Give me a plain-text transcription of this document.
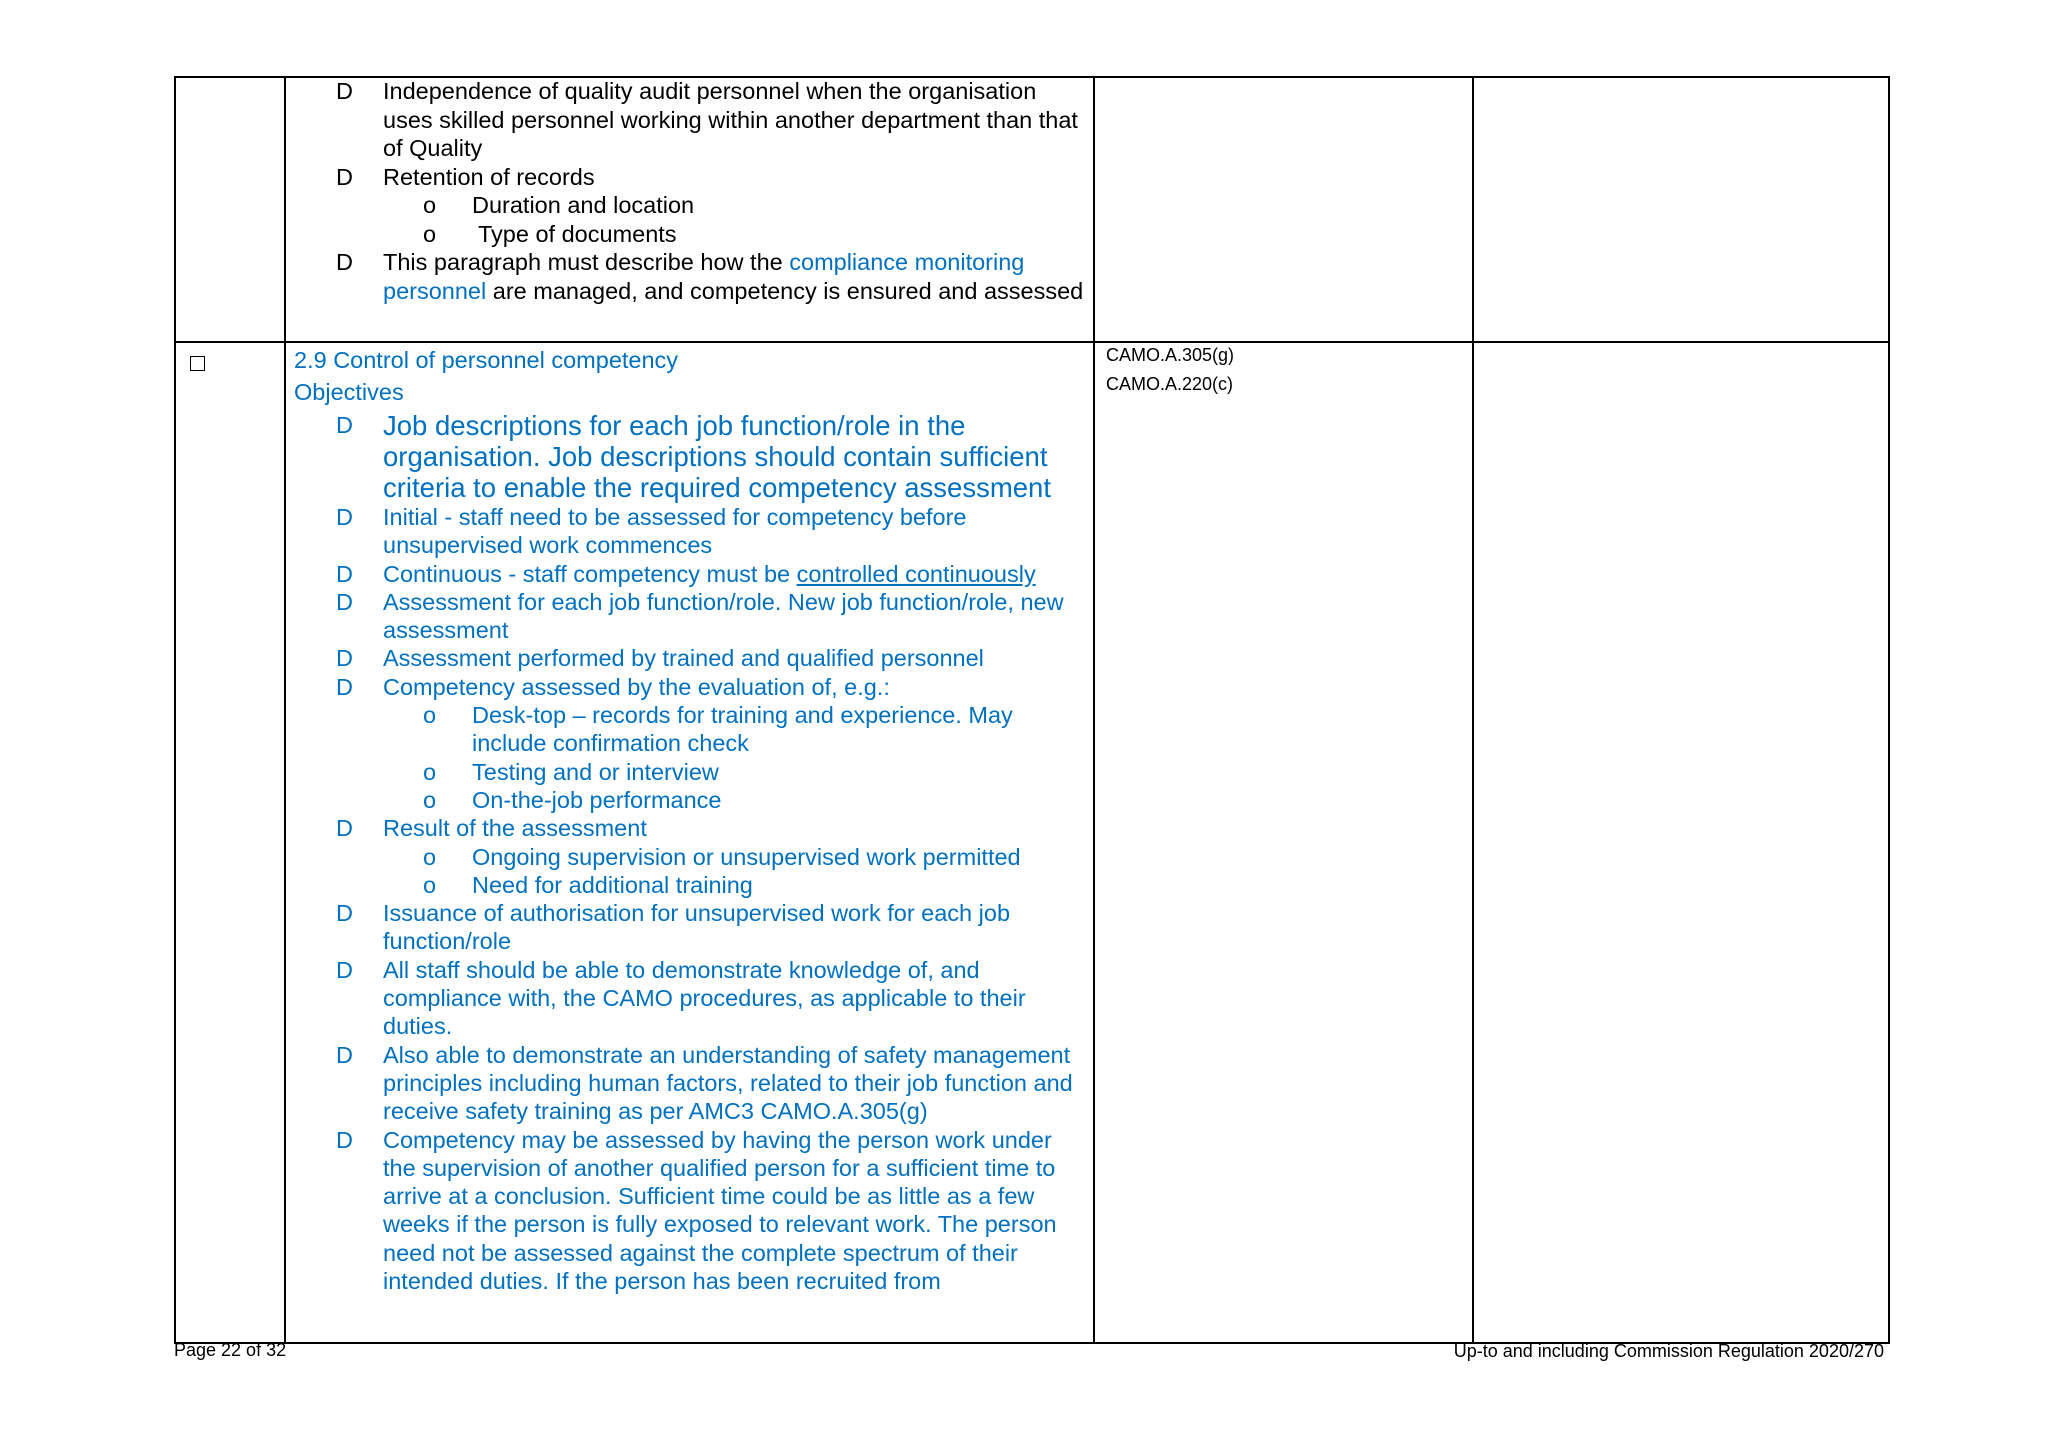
D Independence of quality audit personnel when the organisation uses skilled personnel working within another department than that of Quality
D Retention of records
o Duration and location
o Type of documents
D This paragraph must describe how the compliance monitoring personnel are managed, and competency is ensured and assessed
2.9 Control of personnel competency
Objectives
D Job descriptions for each job function/role in the organisation. Job descriptions should contain sufficient criteria to enable the required competency assessment
D Initial - staff need to be assessed for competency before unsupervised work commences
D Continuous - staff competency must be controlled continuously
D Assessment for each job function/role. New job function/role, new assessment
D Assessment performed by trained and qualified personnel
D Competency assessed by the evaluation of, e.g.:
o Desk-top – records for training and experience. May include confirmation check
o Testing and or interview
o On-the-job performance
D Result of the assessment
o Ongoing supervision or unsupervised work permitted
o Need for additional training
D Issuance of authorisation for unsupervised work for each job function/role
D All staff should be able to demonstrate knowledge of, and compliance with, the CAMO procedures, as applicable to their duties.
D Also able to demonstrate an understanding of safety management principles including human factors, related to their job function and receive safety training as per AMC3 CAMO.A.305(g)
D Competency may be assessed by having the person work under the supervision of another qualified person for a sufficient time to arrive at a conclusion. Sufficient time could be as little as a few weeks if the person is fully exposed to relevant work. The person need not be assessed against the complete spectrum of their intended duties. If the person has been recruited from
CAMO.A.305(g)
CAMO.A.220(c)
Page 22 of 32	Up-to and including Commission Regulation 2020/270
